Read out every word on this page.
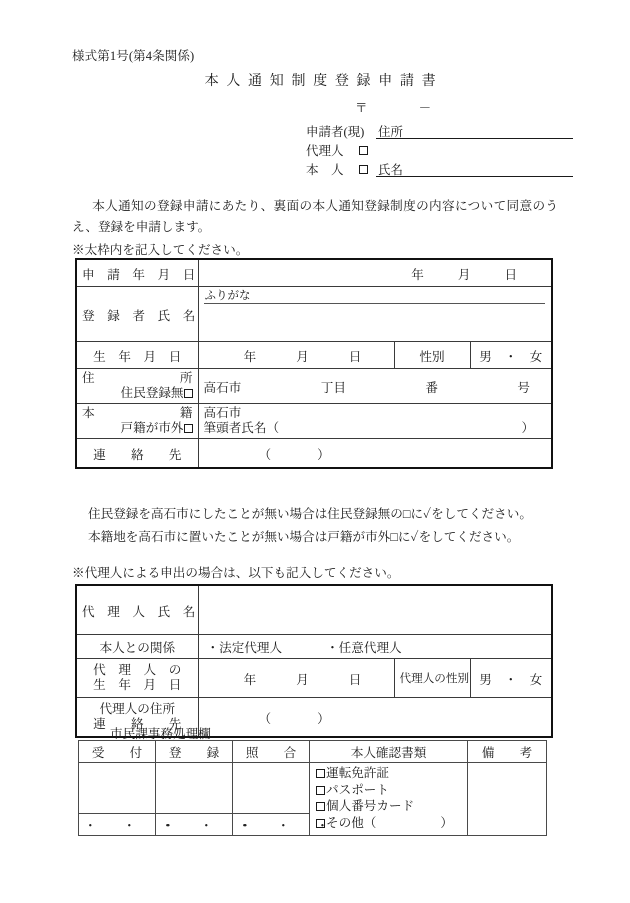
様式第1号(第4条関係)
本人通知制度登録申請書
〒	－
申請者(現)	住所
代理人
本　人	氏名
本人通知の登録申請にあたり、裏面の本人通知登録制度の内容について同意のうえ、登録を申請します。
※太枠内を記入してください。
申　請　年　月　日	年 月 日		
登　録　者　氏　名	ふりがな		

生　年　月　日	年 月 日	性別	男　・　女

住 所
住民登録無	高石市 丁目 番 号		

本 籍
戸籍が市外	高石市
筆頭者氏名（ ）		

連　　絡　　先	（ ）		
住民登録を高石市にしたことが無い場合は住民登録無の□に✓をしてください。
本籍地を高石市に置いたことが無い場合は戸籍が市外□に✓をしてください。
※代理人による申出の場合は、以下も記入してください。
代　理　人　氏　名			
本人との関係	・法定代理人 ・任意代理人		

代　理　人　の
生　年　月　日	年 月 日	代理人の性別	男　・　女

代理人の住所
連　　絡　　先	（ ）		
市民課事務処理欄
受　　付	登　　録	照　　合	本人確認書類	備　　考

			運転免許証
パスポート
個人番号カード
その他（ ）	

・　・　・	・　・　・	・　・　・		
